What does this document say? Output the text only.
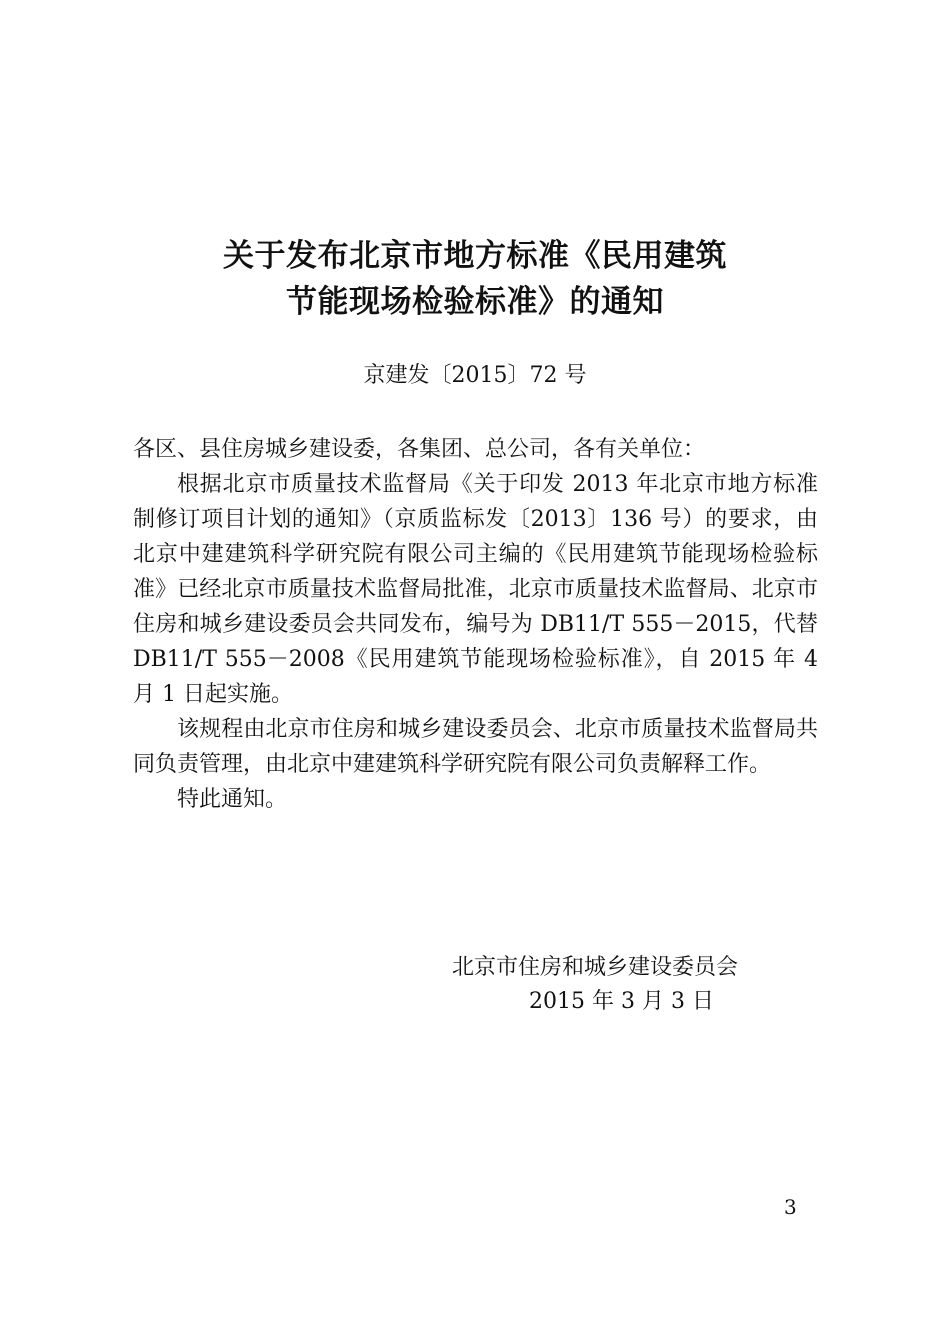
关于发布北京市地方标准《民用建筑
节能现场检验标准》的通知
京建发〔2015〕72 号

各区、县住房城乡建设委，各集团、总公司，各有关单位：

根据北京市质量技术监督局《关于印发 2013 年北京市地方标准制修订项目计划的通知》（京质监标发〔2013〕136 号）的要求，由北京中建建筑科学研究院有限公司主编的《民用建筑节能现场检验标准》已经北京市质量技术监督局批准，北京市质量技术监督局、北京市住房和城乡建设委员会共同发布，编号为 DB11/T 555－2015，代替 DB11/T 555－2008《民用建筑节能现场检验标准》，自 2015 年 4 月 1 日起实施。

该规程由北京市住房和城乡建设委员会、北京市质量技术监督局共同负责管理，由北京中建建筑科学研究院有限公司负责解释工作。

特此通知。

北京市住房和城乡建设委员会
2015 年 3 月 3 日
3
